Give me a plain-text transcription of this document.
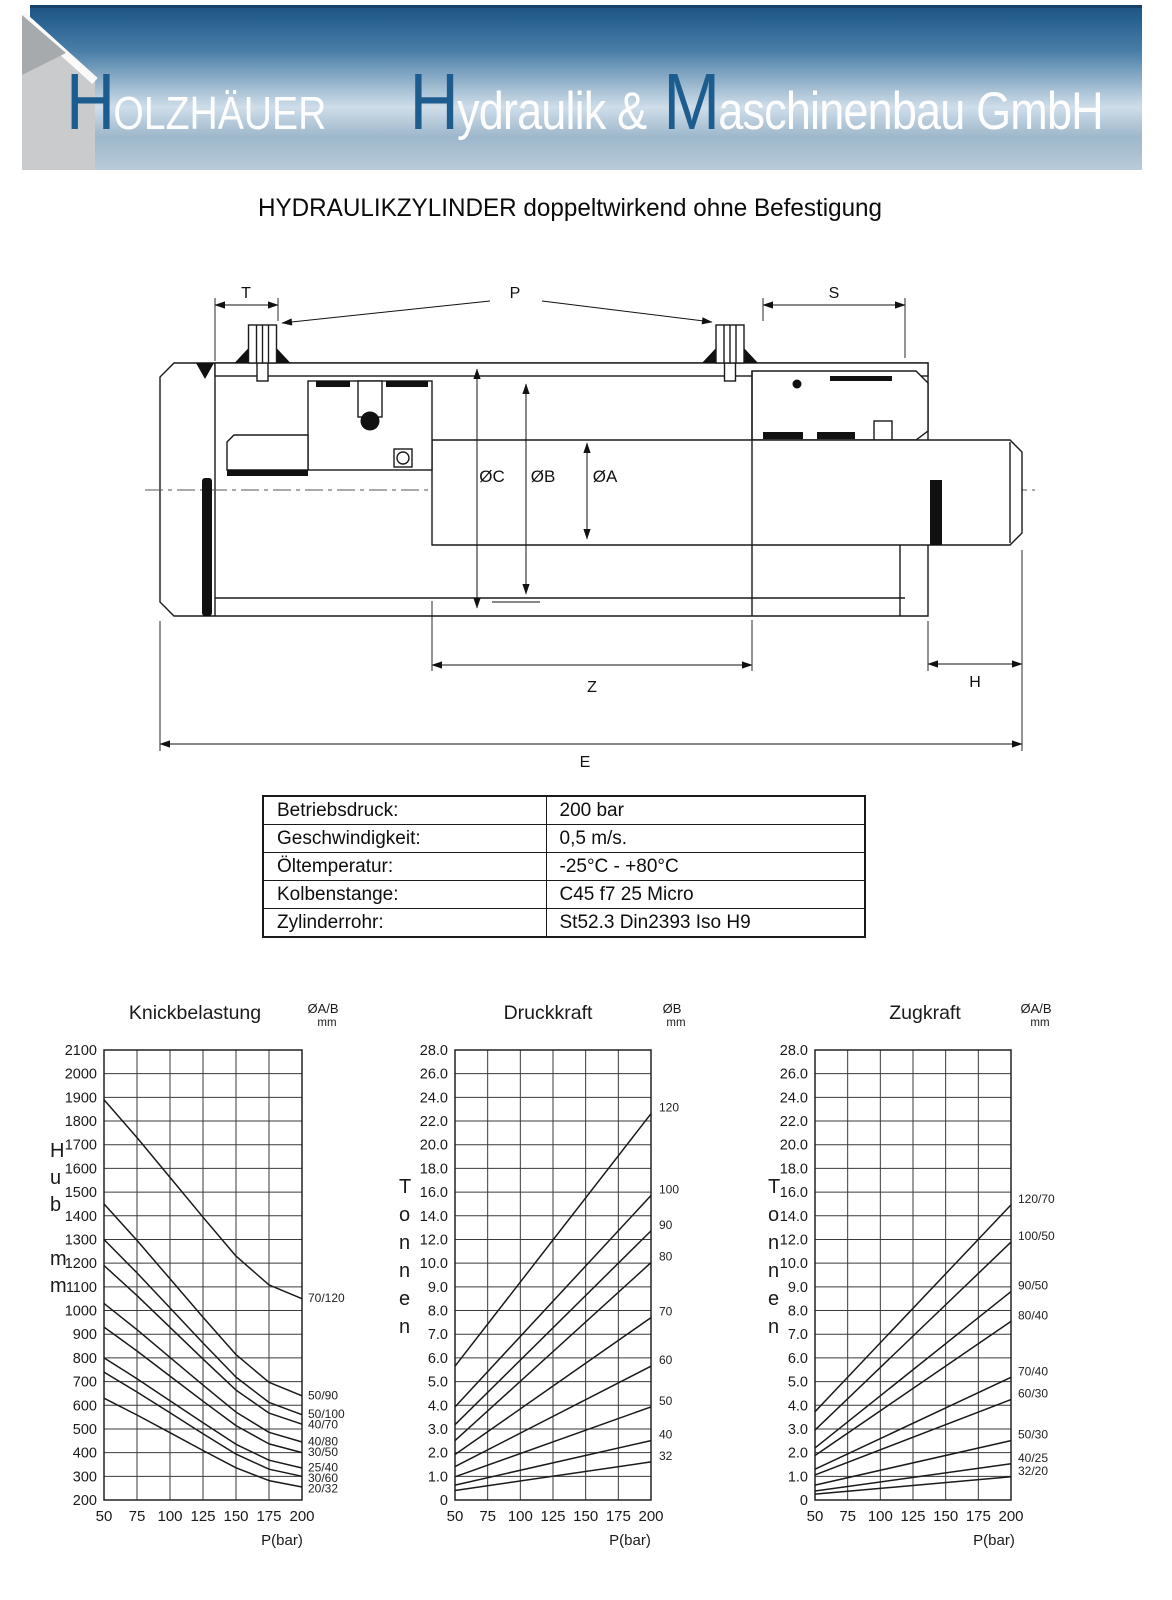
H OLZHÄUER H ydraulik & M aschinenbau GmbH
HYDRAULIKZYLINDER doppeltwirkend ohne Befestigung
T	S
P
ØC ØB ØA
Z	H
E
Betriebsdruck:	200 bar
Geschwindigkeit:	0,5 m/s.
Öltemperatur:	-25°C - +80°C
Kolbenstange:	C45 f7 25 Micro
Zylinderrohr:	St52.3 Din2393 Iso H9
70/120
50/90
50/100
40/70
40/80
30/50
25/40
30/60
20/32
2100
2000
1900
1800
1700
1600
1500
1400
1300
1200
1100
1000
900
800
700
600
500
400
300
200
50 75 100 125 150 175 200
P(bar)
Knickbelastung	ØA/B
mm
H
u
b
m
m
120
100
90
80
70
60
50
40
32
28.0
26.0
24.0
22.0
20.0
18.0
16.0
14.0
12.0
10.0
9.0
8.0
7.0
6.0
5.0
4.0
3.0
2.0
1.0
0
50 75 100 125 150 175 200
P(bar)
Druckkraft	ØB
mm
T
o
n
n
e
n
120/70
100/50
90/50
80/40
70/40
60/30
50/30
40/25
32/20
28.0
26.0
24.0
22.0
20.0
18.0
16.0
14.0
12.0
10.0
9.0
8.0
7.0
6.0
5.0
4.0
3.0
2.0
1.0
0
50 75 100 125 150 175 200
P(bar)
Zugkraft	ØA/B
mm
T
o
n
n
e
n
